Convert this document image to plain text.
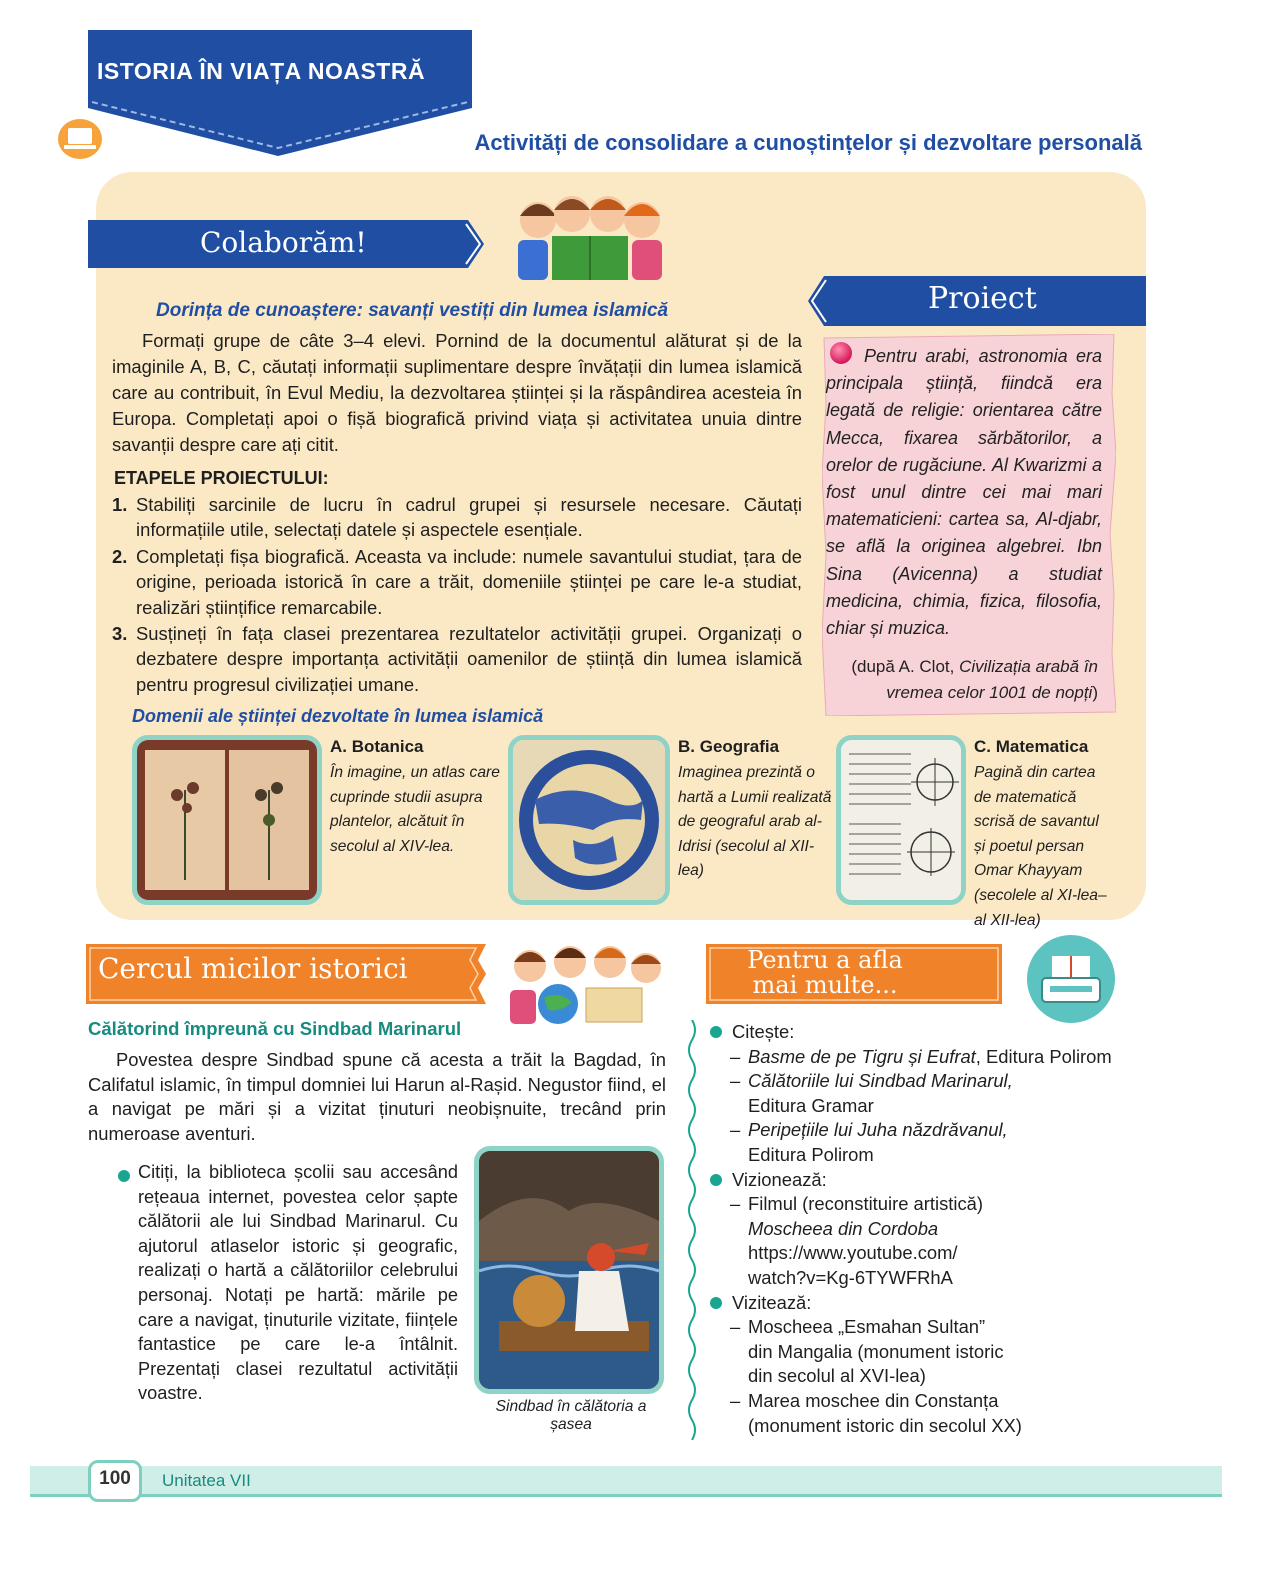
ISTORIA ÎN VIAȚA NOASTRĂ
Activități de consolidare a cunoștințelor și dezvoltare personală
Colaborăm!
Dorința de cunoaștere: savanți vestiți din lumea islamică
Formați grupe de câte 3–4 elevi. Pornind de la documentul alăturat și de la imaginile A, B, C, căutați informații suplimentare despre învățații din lumea islamică care au contribuit, în Evul Mediu, la dezvoltarea științei și la răspândirea acesteia în Europa. Completați apoi o fișă biografică privind viața și activitatea unuia dintre savanții despre care ați citit.
ETAPELE PROIECTULUI:
1. Stabiliți sarcinile de lucru în cadrul grupei și resursele necesare. Căutați informațiile utile, selectați datele și aspectele esențiale.
2. Completați fișa biografică. Aceasta va include: numele savantului studiat, țara de origine, perioada istorică în care a trăit, domeniile științei pe care le-a studiat, realizări științifice remarcabile.
3. Susțineți în fața clasei prezentarea rezultatelor activității grupei. Organizați o dezbatere despre importanța activității oamenilor de știință din lumea islamică pentru progresul civilizației umane.
Domenii ale științei dezvoltate în lumea islamică
Proiect
Pentru arabi, astronomia era principala știință, fiindcă era legată de religie: orientarea către Mecca, fixarea sărbătorilor, a orelor de rugăciune. Al Kwarizmi a fost unul dintre cei mai mari matematicieni: cartea sa, Al-djabr, se află la originea algebrei. Ibn Sina (Avicenna) a studiat medicina, chimia, fizica, filosofia, chiar și muzica.
(după A. Clot, Civilizația arabă în vremea celor 1001 de nopți)
A. Botanica
În imagine, un atlas care cuprinde studii asupra plantelor, alcătuit în secolul al XIV-lea.
B. Geografia
Imaginea prezintă o hartă a Lumii realizată de geograful arab al-Idrisi (secolul al XII-lea)
C. Matematica
Pagină din cartea de matematică scrisă de savantul și poetul persan Omar Khayyam (secolele al XI-lea–al XII-lea)
Cercul micilor istorici
Călătorind împreună cu Sindbad Marinarul
Povestea despre Sindbad spune că acesta a trăit la Bagdad, în Califatul islamic, în timpul domniei lui Harun al-Rașid. Negustor fiind, el a navigat pe mări și a vizitat ținuturi neobișnuite, trecând prin numeroase aventuri.
Citiți, la biblioteca școlii sau accesând rețeaua internet, povestea celor șapte călătorii ale lui Sindbad Marinarul. Cu ajutorul atlaselor istoric și geografic, realizați o hartă a călătoriilor celebrului personaj. Notați pe hartă: mările pe care a navigat, ținuturile vizitate, ființele fantastice pe care le-a întâlnit. Prezentați clasei rezultatul activității voastre.
Sindbad în călătoria a șasea
Pentru a afla
mai multe...
Citește:
– Basme de pe Tigru și Eufrat, Editura Polirom
– Călătoriile lui Sindbad Marinarul,
Editura Gramar
– Peripețiile lui Juha năzdrăvanul,
Editura Polirom
Vizionează:
– Filmul (reconstituire artistică)
Moscheea din Cordoba
https://www.youtube.com/
watch?v=Kg-6TYWFRhA
Vizitează:
– Moscheea „Esmahan Sultan”
din Mangalia (monument istoric
din secolul al XVI-lea)
– Marea moschee din Constanța
(monument istoric din secolul XX)
100	Unitatea VII
